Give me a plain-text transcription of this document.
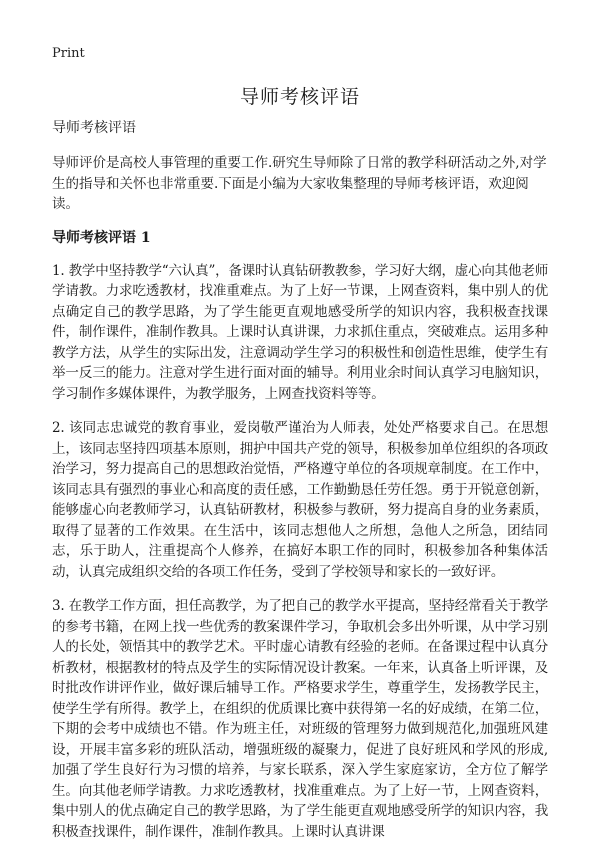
Print
导师考核评语

导师考核评语

导师评价是高校人事管理的重要工作.研究生导师除了日常的教学科研活动之外,对学生的指导和关怀也非常重要.下面是小编为大家收集整理的导师考核评语，欢迎阅读。

导师考核评语 1

1. 教学中坚持教学“六认真”，备课时认真钻研教教参，学习好大纲，虚心向其他老师学请教。力求吃透教材，找准重难点。为了上好一节课，上网查资料，集中别人的优点确定自己的教学思路，为了学生能更直观地感受所学的知识内容，我积极查找课件，制作课件，准制作教具。上课时认真讲课，力求抓住重点，突破难点。运用多种教学方法，从学生的实际出发，注意调动学生学习的积极性和创造性思维，使学生有举一反三的能力。注意对学生进行面对面的辅导。利用业余时间认真学习电脑知识，学习制作多媒体课件，为教学服务，上网查找资料等等。

2. 该同志忠诚党的教育事业，爱岗敬严谨治为人师表，处处严格要求自己。在思想上，该同志坚持四项基本原则，拥护中国共产党的领导，积极参加单位组织的各项政治学习，努力提高自己的思想政治觉悟，严格遵守单位的各项规章制度。在工作中，该同志具有强烈的事业心和高度的责任感，工作勤勤恳任劳任怨。勇于开锐意创新，能够虚心向老教师学习，认真钻研教材，积极参与教研，努力提高自身的业务素质，取得了显著的工作效果。在生活中，该同志想他人之所想，急他人之所急，团结同志，乐于助人，注重提高个人修养，在搞好本职工作的同时，积极参加各种集体活动，认真完成组织交给的各项工作任务，受到了学校领导和家长的一致好评。

3. 在教学工作方面，担任高教学，为了把自己的教学水平提高，坚持经常看关于教学的参考书籍，在网上找一些优秀的教案课件学习，争取机会多出外听课，从中学习别人的长处，领悟其中的教学艺术。平时虚心请教有经验的老师。在备课过程中认真分析教材，根据教材的特点及学生的实际情况设计教案。一年来，认真备上听评课，及时批改作讲评作业，做好课后辅导工作。严格要求学生，尊重学生，发扬教学民主，使学生学有所得。教学上，在组织的优质课比赛中获得第一名的好成绩，在第二位，下期的会考中成绩也不错。作为班主任，对班级的管理努力做到规范化,加强班风建设，开展丰富多彩的班队活动，增强班级的凝聚力，促进了良好班风和学风的形成,加强了学生良好行为习惯的培养，与家长联系，深入学生家庭家访，全方位了解学生。向其他老师学请教。力求吃透教材，找准重难点。为了上好一节，上网查资料，集中别人的优点确定自己的教学思路，为了学生能更直观地感受所学的知识内容，我积极查找课件，制作课件，准制作教具。上课时认真讲课
